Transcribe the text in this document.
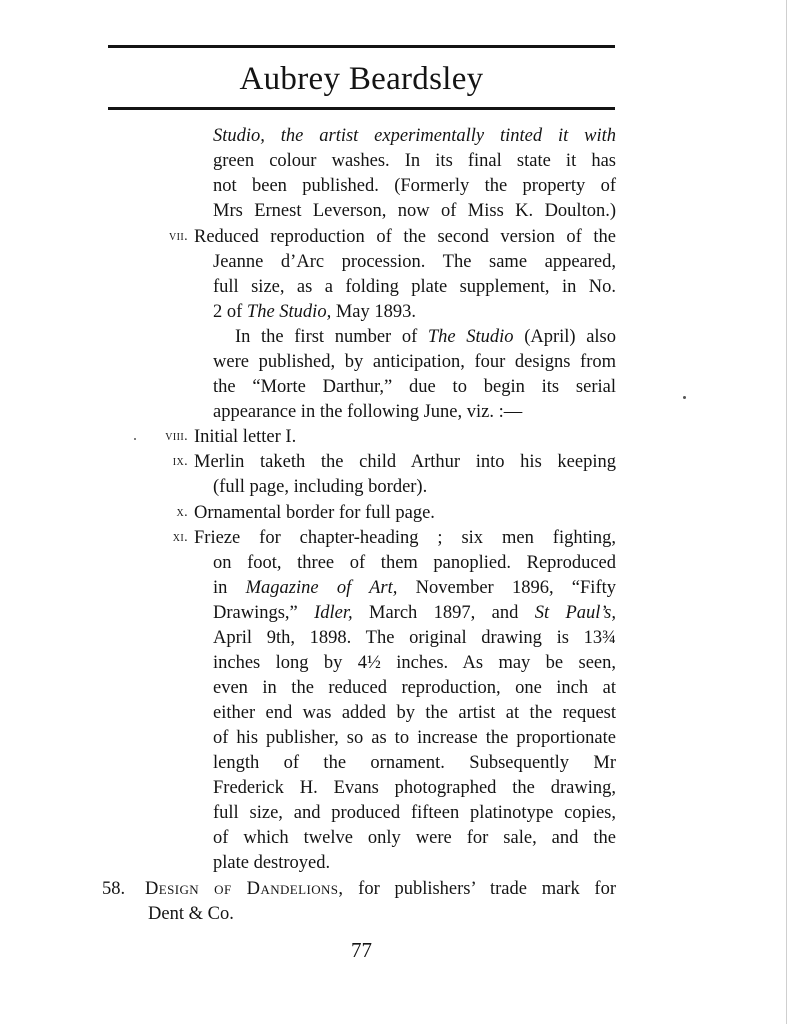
Aubrey Beardsley
Studio, the artist experimentally tinted it with
green colour washes. In its final state it has
not been published. (Formerly the property of
Mrs Ernest Leverson, now of Miss K. Doulton.)
vii. Reduced reproduction of the second version of the
Jeanne d’Arc procession. The same appeared,
full size, as a folding plate supplement, in No.
2 of The Studio, May 1893.
In the first number of The Studio (April) also
were published, by anticipation, four designs from
the “Morte Darthur,” due to begin its serial
appearance in the following June, viz. :—
viii. Initial letter I.
ix. Merlin taketh the child Arthur into his keeping
(full page, including border).
x. Ornamental border for full page.
xi. Frieze for chapter-heading ; six men fighting,
on foot, three of them panoplied. Reproduced
in Magazine of Art, November 1896, “Fifty
Drawings,” Idler, March 1897, and St Paul’s,
April 9th, 1898. The original drawing is 13¾
inches long by 4½ inches. As may be seen,
even in the reduced reproduction, one inch at
either end was added by the artist at the request
of his publisher, so as to increase the proportionate
length of the ornament. Subsequently Mr
Frederick H. Evans photographed the drawing,
full size, and produced fifteen platinotype copies,
of which twelve only were for sale, and the
plate destroyed.
58.	Design of Dandelions, for publishers’ trade mark for
Dent & Co.
77
